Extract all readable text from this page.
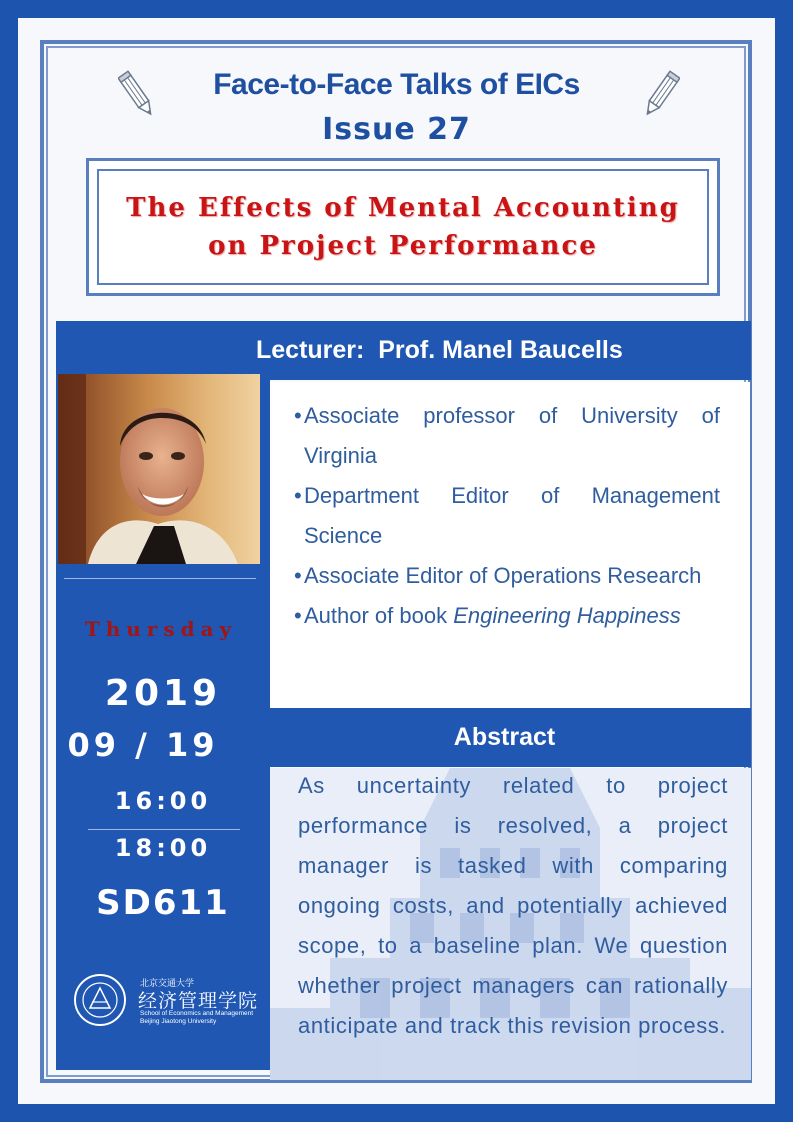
Face-to-Face Talks of EICs
Issue 27
The Effects of Mental Accounting
on Project Performance
Lecturer:  Prof. Manel Baucells
Thursday
2019
09 / 19
16:00
18:00
SD611
北京交通大学
经济管理学院
School of Economics and Management
Beijing Jiaotong University
• Associate professor of University of Virginia
• Department Editor of Management Science
• Associate Editor of Operations Research
• Author of book Engineering Happiness
Abstract
As uncertainty related to project performance is resolved, a project manager is tasked with comparing ongoing costs, and potentially achieved scope, to a baseline plan. We question whether project managers can rationally anticipate and track this revision process.
